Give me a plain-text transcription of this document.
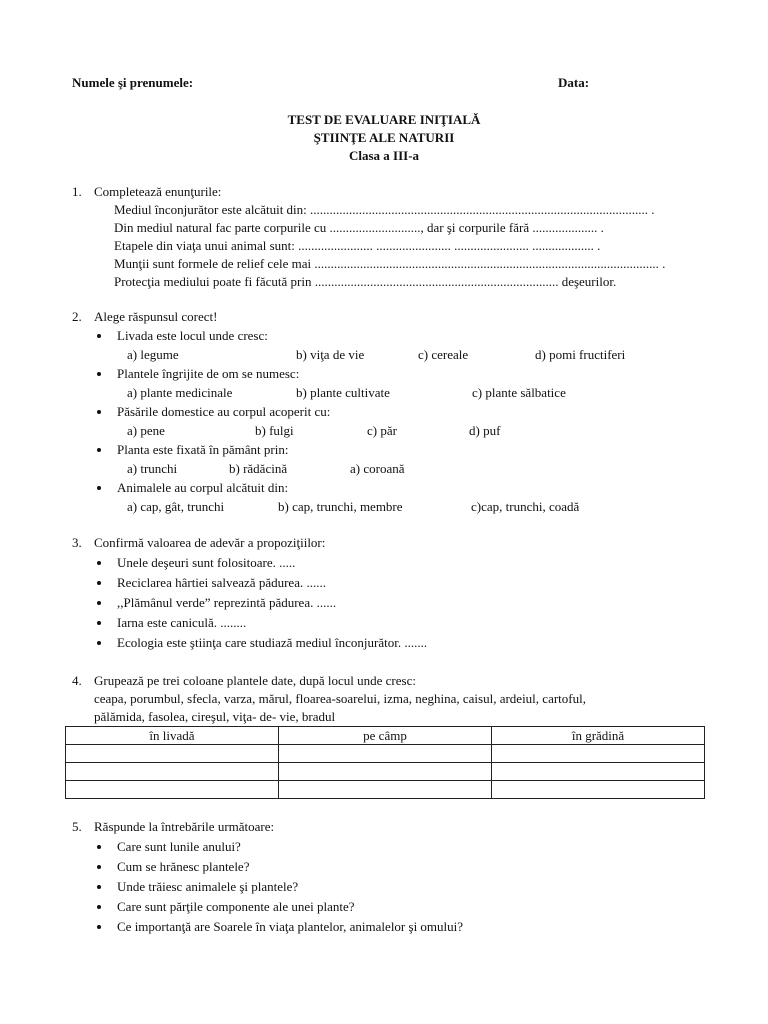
Numele şi prenumele:	Data:
TEST DE EVALUARE INIŢIALĂ
ŞTIINŢE ALE NATURII
Clasa a III-a
1. Completează enunţurile:
Mediul înconjurător este alcătuit din: ........................................................................................................ .
Din mediul natural fac parte corpurile cu ............................, dar şi corpurile fără .................... .
Etapele din viaţa unui animal sunt: ....................... ....................... ....................... ................... .
Munţii sunt formele de relief cele mai .......................................................................................................... .
Protecţia mediului poate fi făcută prin ........................................................................... deşeurilor.
2. Alege răspunsul corect!
Livada este locul unde cresc:
a) legume	b) viţa de vie	c) cereale	d) pomi fructiferi
Plantele îngrijite de om se numesc:
a) plante medicinale	b) plante cultivate	c) plante sălbatice
Păsările domestice au corpul acoperit cu:
a) pene	b) fulgi	c) păr	d) puf
Planta este fixată în pământ prin:
a) trunchi	b) rădăcină	a) coroană
Animalele au corpul alcătuit din:
a) cap, gât, trunchi	b) cap, trunchi, membre	c)cap, trunchi, coadă
3. Confirmă valoarea de adevăr a propoziţiilor:
Unele deşeuri sunt folositoare. .....
Reciclarea hârtiei salvează pădurea. ......
,,Plămânul verde” reprezintă pădurea. ......
Iarna este caniculă. ........
Ecologia este ştiinţa care studiază mediul înconjurător. .......
4. Grupează pe trei coloane plantele date, după locul unde cresc:
ceapa, porumbul, sfecla, varza, mărul, floarea-soarelui, izma, neghina, caisul, ardeiul, cartoful,
pălămida, fasolea, cireşul, viţa- de- vie, bradul
în livadă	pe câmp	în grădină

5. Răspunde la întrebările următoare:
Care sunt lunile anului?
Cum se hrănesc plantele?
Unde trăiesc animalele şi plantele?
Care sunt părţile componente ale unei plante?
Ce importanţă are Soarele în viaţa plantelor, animalelor şi omului?
